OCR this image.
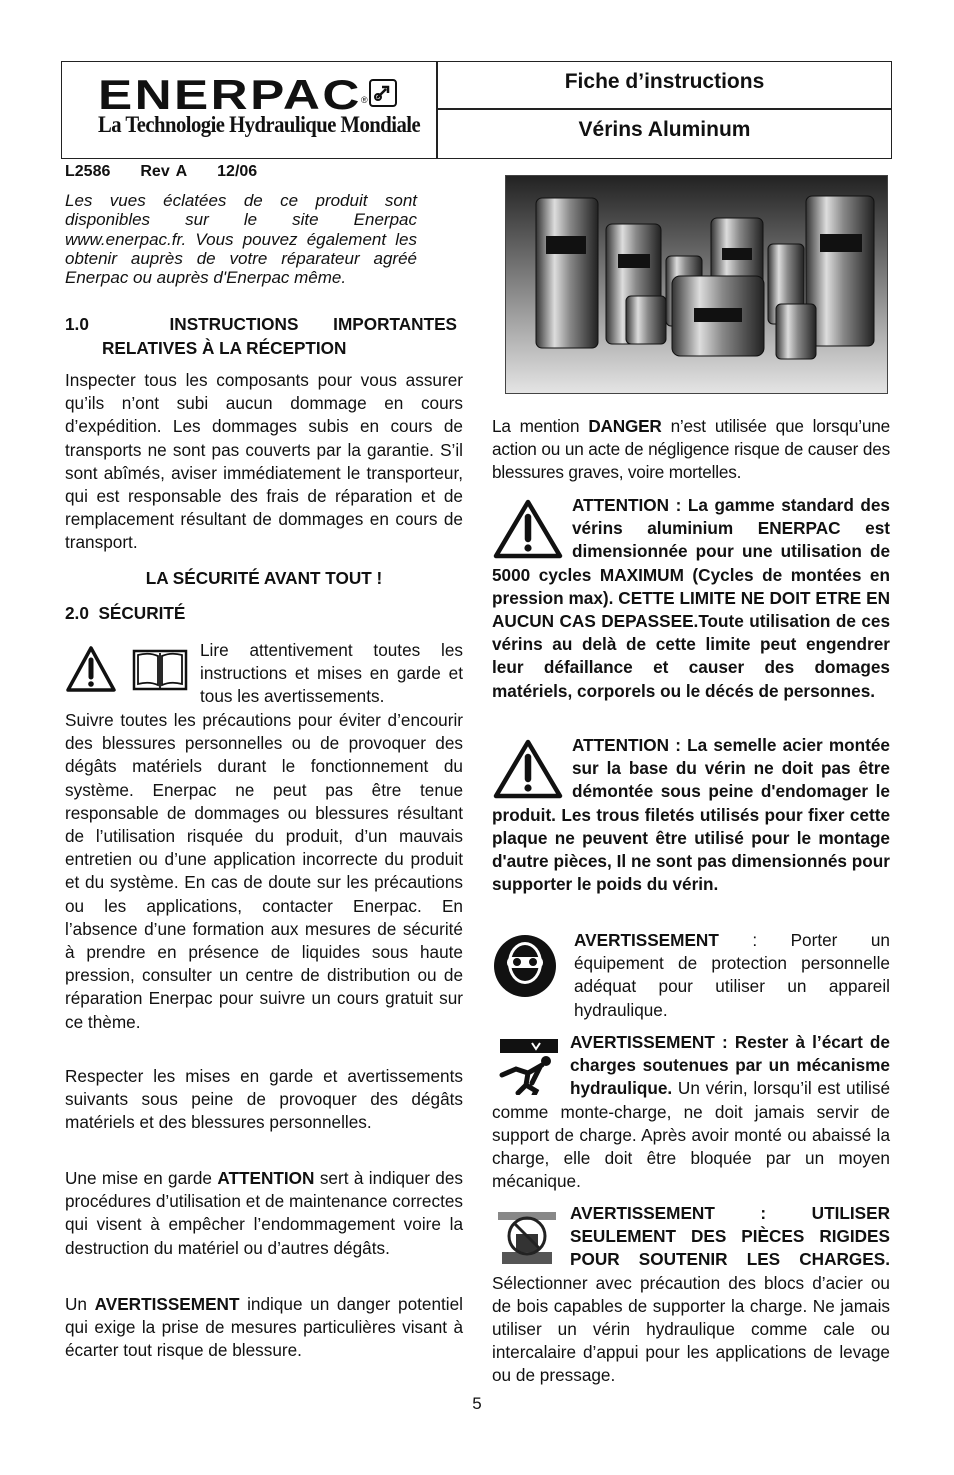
ENERPAC ®
La Technologie Hydraulique Mondiale
Fiche d’instructions
Vérins Aluminum
L2586 Rev A 12/06

Les vues éclatées de ce produit sont disponibles sur le site Enerpac www.enerpac.fr. Vous pouvez également les obtenir auprès de votre réparateur agréé Enerpac ou auprès d'Enerpac même.

1.0	INSTRUCTIONS IMPORTANTES
RELATIVES À LA RÉCEPTION

Inspecter tous les composants pour vous assurer qu’ils n’ont subi aucun dommage en cours d’expédition. Les dommages subis en cours de transports ne sont pas couverts par la garantie. S’il sont abîmés, aviser immédiatement le transporteur, qui est responsable des frais de réparation et de remplacement résultant de dommages en cours de transport.

LA SÉCURITÉ AVANT TOUT !
2.0  SÉCURITÉ

Lire attentivement toutes les instructions et mises en garde et tous les avertissements.

Suivre toutes les précautions pour éviter d’encourir des blessures personnelles ou de provoquer des dégâts matériels durant le fonctionnement du système. Enerpac ne peut pas être tenue responsable de dommages ou blessures résultant de l’utilisation risquée du produit, d’un mauvais entretien ou d’une application incorrecte du produit et du système. En cas de doute sur les précautions ou les applications, contacter Enerpac. En l’absence d’une formation aux mesures de sécurité à prendre en présence de liquides sous haute pression, consulter un centre de distribution ou de réparation Enerpac pour suivre un cours gratuit sur ce thème.

Respecter les mises en garde et avertissements suivants sous peine de provoquer des dégâts matériels et des blessures personnelles.

Une mise en garde ATTENTION sert à indiquer des procédures d’utilisation et de maintenance correctes qui visent à empêcher l’endommagement voire la destruction du matériel ou d’autres dégâts.

Un AVERTISSEMENT indique un danger potentiel qui exige la prise de mesures particulières visant à écarter tout risque de blessure.

La mention DANGER n’est utilisée que lorsqu’une action ou un acte de négligence risque de causer des blessures graves, voire mortelles.

ATTENTION : La gamme standard des vérins aluminium ENERPAC est dimensionnée pour une utilisation de 5000 cycles MAXIMUM (Cycles de montées en pression max). CETTE LIMITE NE DOIT ETRE EN AUCUN CAS DEPASSEE.Toute utilisation de ces vérins au delà de cette limite peut engendrer leur défaillance et causer des domages matériels, corporels ou le décés de personnes.
ATTENTION : La semelle acier montée sur la base du vérin ne doit pas être démontée sous peine d'endomager le produit. Les trous filetés utilisés pour fixer cette plaque ne peuvent être utilisé pour le montage d'autre pièces, Il ne sont pas dimensionnés pour supporter le poids du vérin.
AVERTISSEMENT : Porter un équipement de protection personnelle adéquat pour utiliser un appareil hydraulique.
AVERTISSEMENT : Rester à l’écart de charges soutenues par un mécanisme hydraulique. Un vérin, lorsqu’il est utilisé comme monte-charge, ne doit jamais servir de support de charge. Après avoir monté ou abaissé la charge, elle doit être bloquée par un moyen mécanique.
AVERTISSEMENT : UTILISER SEULEMENT DES PIÈCES RIGIDES POUR SOUTENIR LES CHARGES. Sélectionner avec précaution des blocs d’acier ou de bois capables de supporter la charge. Ne jamais utiliser un vérin hydraulique comme cale ou intercalaire d’appui pour les applications de levage ou de pressage.
5
